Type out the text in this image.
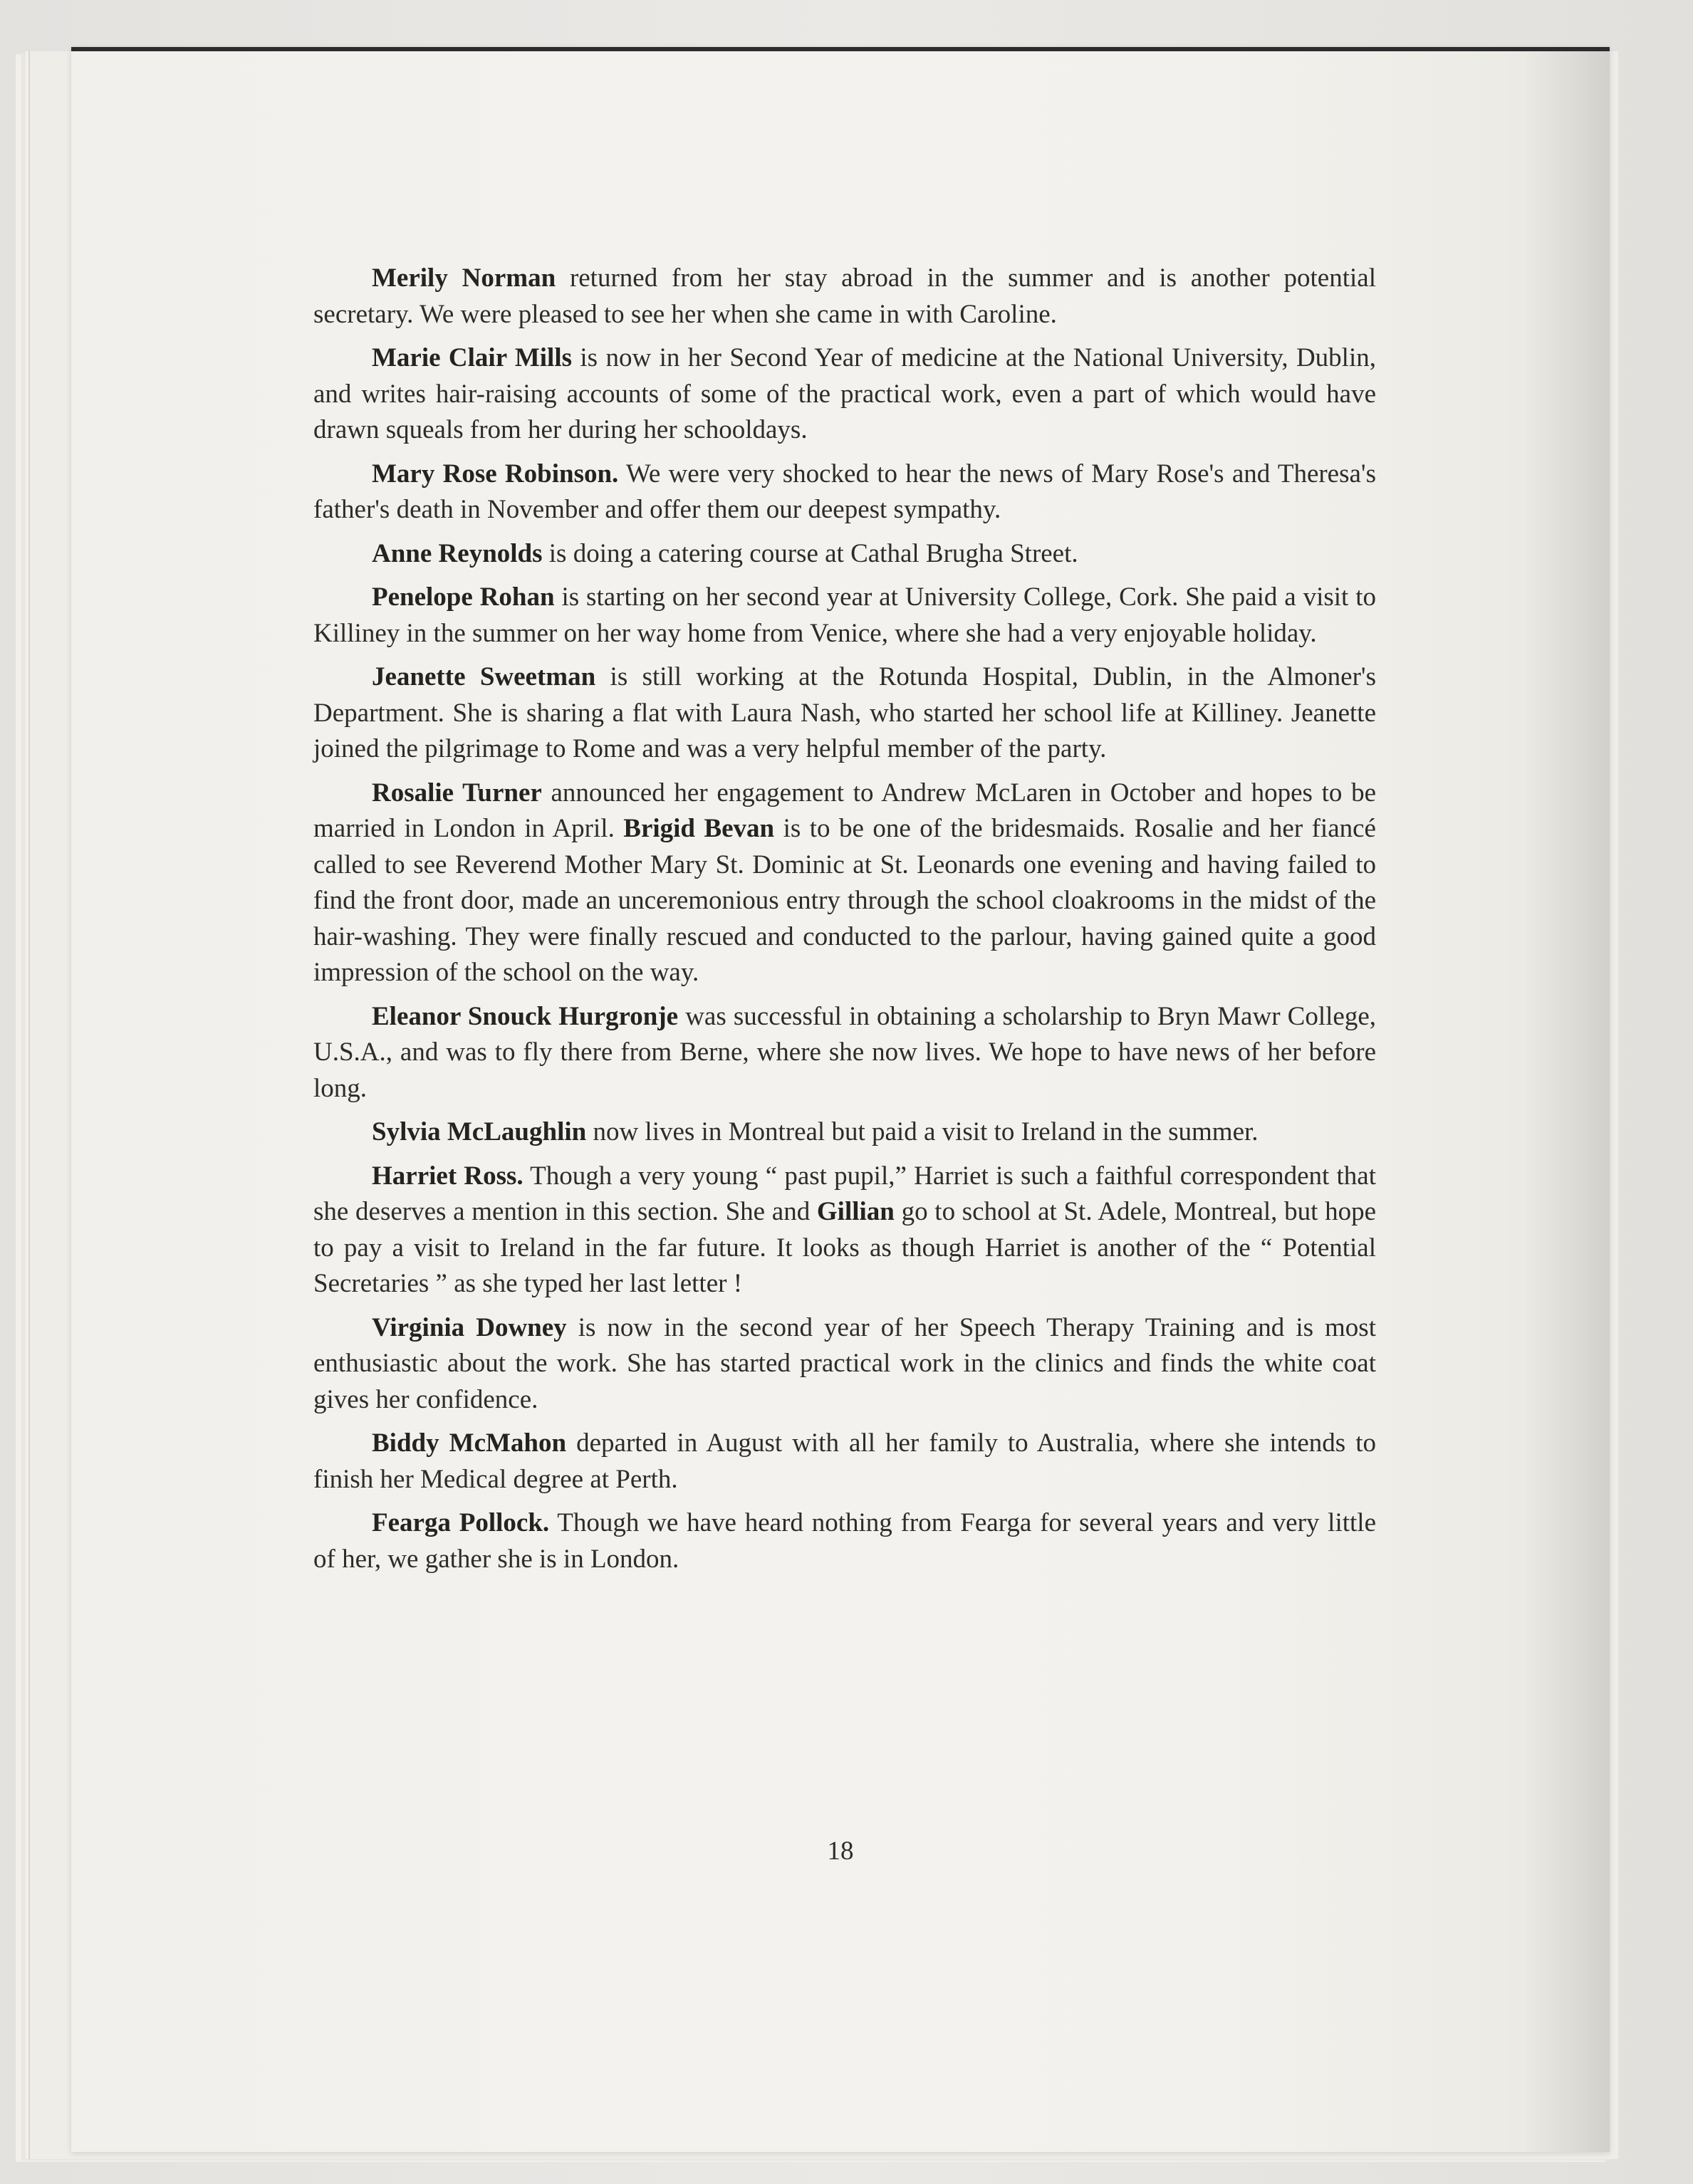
Merily Norman returned from her stay abroad in the summer and is another potential secretary. We were pleased to see her when she came in with Caroline.

Marie Clair Mills is now in her Second Year of medicine at the National University, Dublin, and writes hair-raising accounts of some of the practical work, even a part of which would have drawn squeals from her during her schooldays.

Mary Rose Robinson. We were very shocked to hear the news of Mary Rose's and Theresa's father's death in November and offer them our deepest sympathy.

Anne Reynolds is doing a catering course at Cathal Brugha Street.

Penelope Rohan is starting on her second year at University College, Cork. She paid a visit to Killiney in the summer on her way home from Venice, where she had a very enjoyable holiday.

Jeanette Sweetman is still working at the Rotunda Hospital, Dublin, in the Almoner's Department. She is sharing a flat with Laura Nash, who started her school life at Killiney. Jeanette joined the pilgrimage to Rome and was a very helpful member of the party.

Rosalie Turner announced her engagement to Andrew McLaren in October and hopes to be married in London in April. Brigid Bevan is to be one of the bridesmaids. Rosalie and her fiancé called to see Reverend Mother Mary St. Dominic at St. Leonards one evening and having failed to find the front door, made an unceremonious entry through the school cloakrooms in the midst of the hair-washing. They were finally rescued and conducted to the parlour, having gained quite a good impression of the school on the way.

Eleanor Snouck Hurgronje was successful in obtaining a scholarship to Bryn Mawr College, U.S.A., and was to fly there from Berne, where she now lives. We hope to have news of her before long.

Sylvia McLaughlin now lives in Montreal but paid a visit to Ireland in the summer.

Harriet Ross. Though a very young “ past pupil,” Harriet is such a faithful correspondent that she deserves a mention in this section. She and Gillian go to school at St. Adele, Montreal, but hope to pay a visit to Ireland in the far future. It looks as though Harriet is another of the “ Potential Secretaries ” as she typed her last letter !

Virginia Downey is now in the second year of her Speech Therapy Training and is most enthusiastic about the work. She has started practical work in the clinics and finds the white coat gives her confidence.

Biddy McMahon departed in August with all her family to Australia, where she intends to finish her Medical degree at Perth.

Fearga Pollock. Though we have heard nothing from Fearga for several years and very little of her, we gather she is in London.

18
